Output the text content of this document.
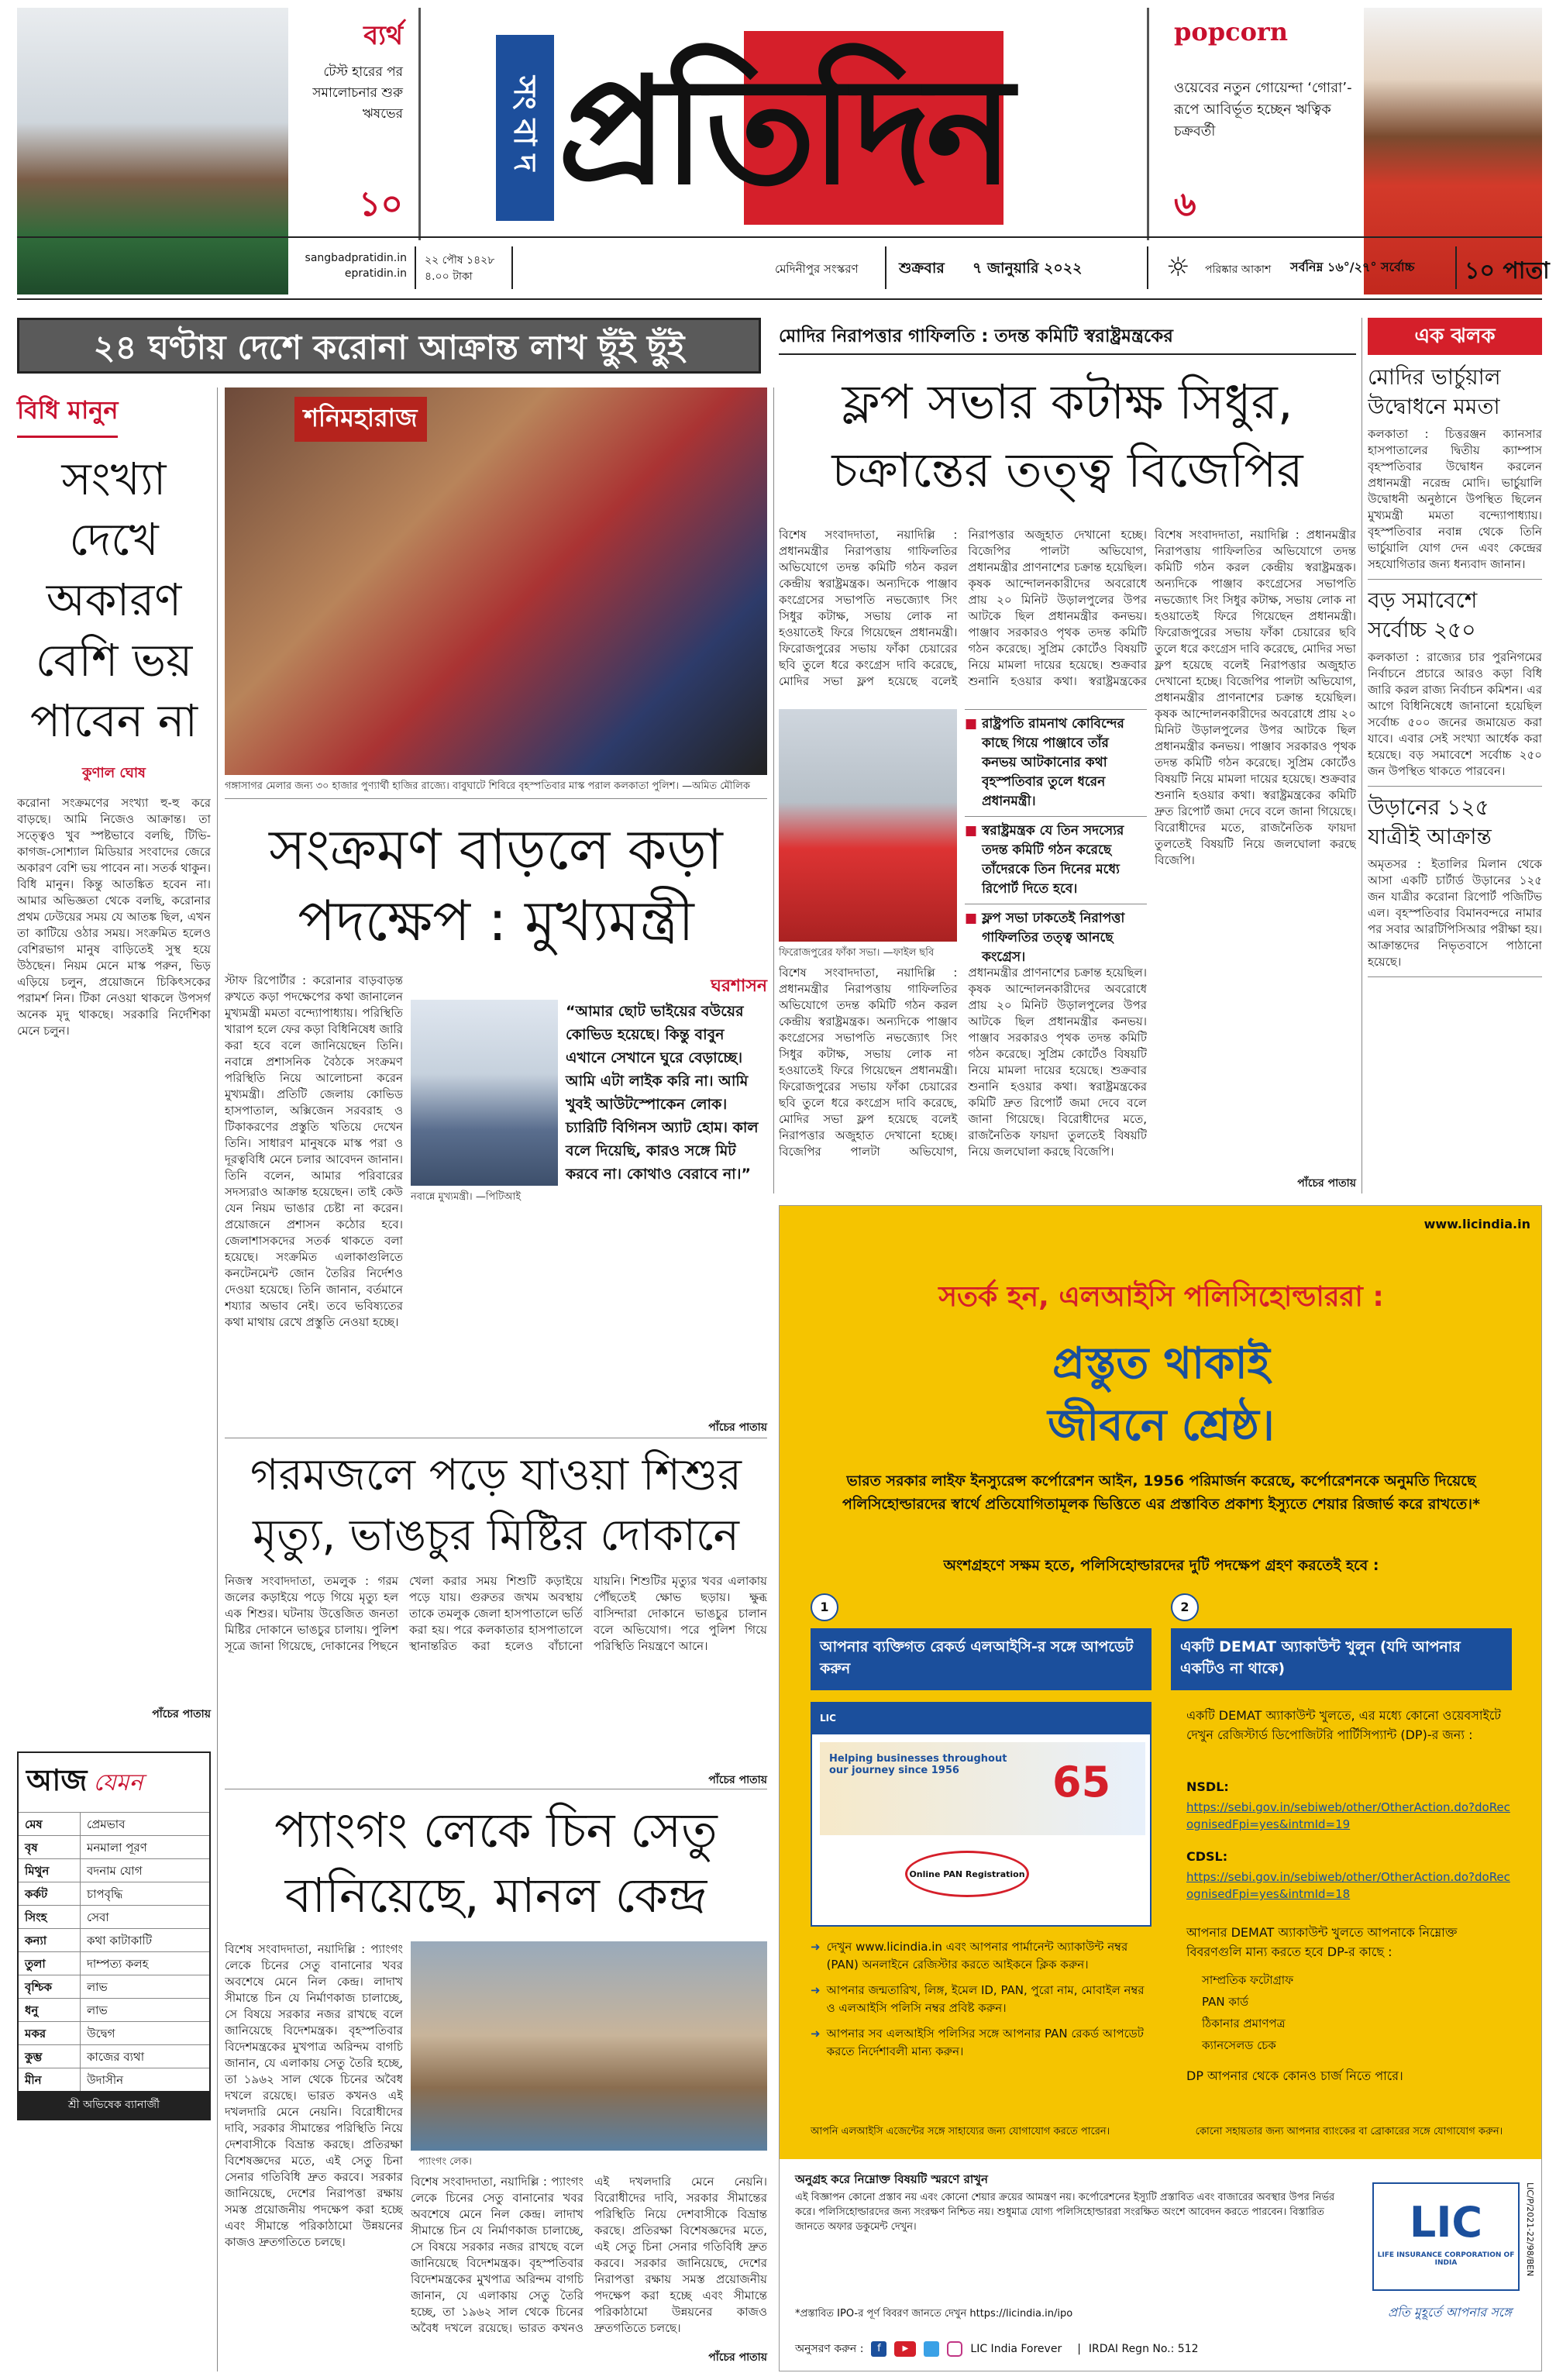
ব্যর্থ
টেস্ট হারের পর সমালোচনার শুরু ঋষভের
১০
সংবাদ প্রতিদিন
popcorn
ওয়েবের নতুন গোয়েন্দা ‘গোরা’-রূপে আবির্ভূত হচ্ছেন ঋত্বিক চক্রবর্তী
৬
sangbadpratidin.in
epratidin.in
২২ পৌষ ১৪২৮
৪.০০ টাকা
মেদিনীপুর সংস্করণ	শুক্রবার	৭ জানুয়ারি ২০২২	☼	পরিষ্কার আকাশ	সর্বনিম্ন ১৬°/২৭° সর্বোচ্চ	১০ পাতা
২৪ ঘণ্টায় দেশে করোনা আক্রান্ত লাখ ছুঁই ছুঁই
বিধি মানুন
সংখ্যা দেখে অকারণ বেশি ভয় পাবেন না
কুণাল ঘোষ
করোনা সংক্রমণের সংখ্যা হু-হু করে বাড়ছে। আমি নিজেও আক্রান্ত। তা সত্ত্বেও খুব স্পষ্টভাবে বলছি, টিভি-কাগজ-সোশ্যাল মিডিয়ার সংবাদের জেরে অকারণ বেশি ভয় পাবেন না। সতর্ক থাকুন। বিধি মানুন। কিন্তু আতঙ্কিত হবেন না। আমার অভিজ্ঞতা থেকে বলছি, করোনার প্রথম ঢেউয়ের সময় যে আতঙ্ক ছিল, এখন তা কাটিয়ে ওঠার সময়। সংক্রমিত হলেও বেশিরভাগ মানুষ বাড়িতেই সুস্থ হয়ে উঠছেন। নিয়ম মেনে মাস্ক পরুন, ভিড় এড়িয়ে চলুন, প্রয়োজনে চিকিৎসকের পরামর্শ নিন। টিকা নেওয়া থাকলে উপসর্গ অনেক মৃদু থাকছে। সরকারি নির্দেশিকা মেনে চলুন।
পাঁচের পাতায়
আজ যেমন
মেষ	প্রেমভাব
বৃষ	মনমালা পূরণ
মিথুন	বদনাম যোগ
কর্কট	চাপবৃদ্ধি
সিংহ	সেবা
কন্যা	কথা কাটাকাটি
তুলা	দাম্পত্য কলহ
বৃশ্চিক	লাভ
ধনু	লাভ
মকর	উদ্বেগ
কুম্ভ	কাজের ব্যথা
মীন	উদাসীন
শ্রী অভিষেক ব্যানার্জী
শনিমহারাজ
গঙ্গাসাগর মেলার জন্য ৩০ হাজার পুণ্যার্থী হাজির রাজ্যে। বাবুঘাটে শিবিরে বৃহস্পতিবার মাস্ক পরাল কলকাতা পুলিশ। —অমিত মৌলিক
সংক্রমণ বাড়লে কড়া পদক্ষেপ : মুখ্যমন্ত্রী
ঘরশাসন
স্টাফ রিপোর্টার : করোনার বাড়বাড়ন্ত রুখতে কড়া পদক্ষেপের কথা জানালেন মুখ্যমন্ত্রী মমতা বন্দ্যোপাধ্যায়। পরিস্থিতি খারাপ হলে ফের কড়া বিধিনিষেধ জারি করা হবে বলে জানিয়েছেন তিনি। নবান্নে প্রশাসনিক বৈঠকে সংক্রমণ পরিস্থিতি নিয়ে আলোচনা করেন মুখ্যমন্ত্রী। প্রতিটি জেলায় কোভিড হাসপাতাল, অক্সিজেন সরবরাহ ও টিকাকরণের প্রস্তুতি খতিয়ে দেখেন তিনি। সাধারণ মানুষকে মাস্ক পরা ও দূরত্ববিধি মেনে চলার আবেদন জানান। তিনি বলেন, আমার পরিবারের সদস্যরাও আক্রান্ত হয়েছেন। তাই কেউ যেন নিয়ম ভাঙার চেষ্টা না করেন। প্রয়োজনে প্রশাসন কঠোর হবে। জেলাশাসকদের সতর্ক থাকতে বলা হয়েছে। সংক্রমিত এলাকাগুলিতে কনটেনমেন্ট জোন তৈরির নির্দেশও দেওয়া হয়েছে। তিনি জানান, বর্তমানে শয্যার অভাব নেই। তবে ভবিষ্যতের কথা মাথায় রেখে প্রস্তুতি নেওয়া হচ্ছে।
নবান্নে মুখ্যমন্ত্রী। —পিটিআই
“আমার ছোট ভাইয়ের বউয়ের কোভিড হয়েছে। কিন্তু বাবুন এখানে সেখানে ঘুরে বেড়াচ্ছে। আমি এটা লাইক করি না। আমি খুবই আউটস্পোকেন লোক। চ্যারিটি বিগিনস অ্যাট হোম। কাল বলে দিয়েছি, কারও সঙ্গে মিট করবে না। কোথাও বেরাবে না।”
পাঁচের পাতায়
গরমজলে পড়ে যাওয়া শিশুর মৃত্যু, ভাঙচুর মিষ্টির দোকানে
নিজস্ব সংবাদদাতা, তমলুক : গরম জলের কড়াইয়ে পড়ে গিয়ে মৃত্যু হল এক শিশুর। ঘটনায় উত্তেজিত জনতা মিষ্টির দোকানে ভাঙচুর চালায়। পুলিশ সূত্রে জানা গিয়েছে, দোকানের পিছনে খেলা করার সময় শিশুটি কড়াইয়ে পড়ে যায়। গুরুতর জখম অবস্থায় তাকে তমলুক জেলা হাসপাতালে ভর্তি করা হয়। পরে কলকাতার হাসপাতালে স্থানান্তরিত করা হলেও বাঁচানো যায়নি। শিশুটির মৃত্যুর খবর এলাকায় পৌঁছতেই ক্ষোভ ছড়ায়। ক্ষুব্ধ বাসিন্দারা দোকানে ভাঙচুর চালান বলে অভিযোগ। পরে পুলিশ গিয়ে পরিস্থিতি নিয়ন্ত্রণে আনে।
পাঁচের পাতায়
প্যাংগং লেকে চিন সেতু বানিয়েছে, মানল কেন্দ্র
বিশেষ সংবাদদাতা, নয়াদিল্লি : প্যাংগং লেকে চিনের সেতু বানানোর খবর অবশেষে মেনে নিল কেন্দ্র। লাদাখ সীমান্তে চিন যে নির্মাণকাজ চালাচ্ছে, সে বিষয়ে সরকার নজর রাখছে বলে জানিয়েছে বিদেশমন্ত্রক। বৃহস্পতিবার বিদেশমন্ত্রকের মুখপাত্র অরিন্দম বাগচি জানান, যে এলাকায় সেতু তৈরি হচ্ছে, তা ১৯৬২ সাল থেকে চিনের অবৈধ দখলে রয়েছে। ভারত কখনও এই দখলদারি মেনে নেয়নি। বিরোধীদের দাবি, সরকার সীমান্তের পরিস্থিতি নিয়ে দেশবাসীকে বিভ্রান্ত করছে। প্রতিরক্ষা বিশেষজ্ঞদের মতে, এই সেতু চিনা সেনার গতিবিধি দ্রুত করবে। সরকার জানিয়েছে, দেশের নিরাপত্তা রক্ষায় সমস্ত প্রয়োজনীয় পদক্ষেপ করা হচ্ছে এবং সীমান্তে পরিকাঠামো উন্নয়নের কাজও দ্রুতগতিতে চলছে।
প্যাংগং লেক।
বিশেষ সংবাদদাতা, নয়াদিল্লি : প্যাংগং লেকে চিনের সেতু বানানোর খবর অবশেষে মেনে নিল কেন্দ্র। লাদাখ সীমান্তে চিন যে নির্মাণকাজ চালাচ্ছে, সে বিষয়ে সরকার নজর রাখছে বলে জানিয়েছে বিদেশমন্ত্রক। বৃহস্পতিবার বিদেশমন্ত্রকের মুখপাত্র অরিন্দম বাগচি জানান, যে এলাকায় সেতু তৈরি হচ্ছে, তা ১৯৬২ সাল থেকে চিনের অবৈধ দখলে রয়েছে। ভারত কখনও এই দখলদারি মেনে নেয়নি। বিরোধীদের দাবি, সরকার সীমান্তের পরিস্থিতি নিয়ে দেশবাসীকে বিভ্রান্ত করছে। প্রতিরক্ষা বিশেষজ্ঞদের মতে, এই সেতু চিনা সেনার গতিবিধি দ্রুত করবে। সরকার জানিয়েছে, দেশের নিরাপত্তা রক্ষায় সমস্ত প্রয়োজনীয় পদক্ষেপ করা হচ্ছে এবং সীমান্তে পরিকাঠামো উন্নয়নের কাজও দ্রুতগতিতে চলছে।
পাঁচের পাতায়
মোদির নিরাপত্তার গাফিলতি : তদন্ত কমিটি স্বরাষ্ট্রমন্ত্রকের
ফ্লপ সভার কটাক্ষ সিধুর, চক্রান্তের তত্ত্ব বিজেপির
বিশেষ সংবাদদাতা, নয়াদিল্লি : প্রধানমন্ত্রীর নিরাপত্তায় গাফিলতির অভিযোগে তদন্ত কমিটি গঠন করল কেন্দ্রীয় স্বরাষ্ট্রমন্ত্রক। অন্যদিকে পাঞ্জাব কংগ্রেসের সভাপতি নভজ্যোৎ সিং সিধুর কটাক্ষ, সভায় লোক না হওয়াতেই ফিরে গিয়েছেন প্রধানমন্ত্রী। ফিরোজপুরের সভায় ফাঁকা চেয়ারের ছবি তুলে ধরে কংগ্রেস দাবি করেছে, মোদির সভা ফ্লপ হয়েছে বলেই নিরাপত্তার অজুহাত দেখানো হচ্ছে। বিজেপির পালটা অভিযোগ, প্রধানমন্ত্রীর প্রাণনাশের চক্রান্ত হয়েছিল। কৃষক আন্দোলনকারীদের অবরোধে প্রায় ২০ মিনিট উড়ালপুলের উপর আটকে ছিল প্রধানমন্ত্রীর কনভয়। পাঞ্জাব সরকারও পৃথক তদন্ত কমিটি গঠন করেছে। সুপ্রিম কোর্টেও বিষয়টি নিয়ে মামলা দায়ের হয়েছে। শুক্রবার শুনানি হওয়ার কথা। স্বরাষ্ট্রমন্ত্রকের
ফিরোজপুরের ফাঁকা সভা। —ফাইল ছবি
■ রাষ্ট্রপতি রামনাথ কোবিন্দের কাছে গিয়ে পাঞ্জাবে তাঁর কনভয় আটকানোর কথা বৃহস্পতিবার তুলে ধরেন প্রধানমন্ত্রী।
■ স্বরাষ্ট্রমন্ত্রক যে তিন সদস্যের তদন্ত কমিটি গঠন করেছে তাঁদেরকে তিন দিনের মধ্যে রিপোর্ট দিতে হবে।
■ ফ্লপ সভা ঢাকতেই নিরাপত্তা গাফিলতির তত্ত্ব আনছে কংগ্রেস।
বিশেষ সংবাদদাতা, নয়াদিল্লি : প্রধানমন্ত্রীর নিরাপত্তায় গাফিলতির অভিযোগে তদন্ত কমিটি গঠন করল কেন্দ্রীয় স্বরাষ্ট্রমন্ত্রক। অন্যদিকে পাঞ্জাব কংগ্রেসের সভাপতি নভজ্যোৎ সিং সিধুর কটাক্ষ, সভায় লোক না হওয়াতেই ফিরে গিয়েছেন প্রধানমন্ত্রী। ফিরোজপুরের সভায় ফাঁকা চেয়ারের ছবি তুলে ধরে কংগ্রেস দাবি করেছে, মোদির সভা ফ্লপ হয়েছে বলেই নিরাপত্তার অজুহাত দেখানো হচ্ছে। বিজেপির পালটা অভিযোগ, প্রধানমন্ত্রীর প্রাণনাশের চক্রান্ত হয়েছিল। কৃষক আন্দোলনকারীদের অবরোধে প্রায় ২০ মিনিট উড়ালপুলের উপর আটকে ছিল প্রধানমন্ত্রীর কনভয়। পাঞ্জাব সরকারও পৃথক তদন্ত কমিটি গঠন করেছে। সুপ্রিম কোর্টেও বিষয়টি নিয়ে মামলা দায়ের হয়েছে। শুক্রবার শুনানি হওয়ার কথা। স্বরাষ্ট্রমন্ত্রকের কমিটি দ্রুত রিপোর্ট জমা দেবে বলে জানা গিয়েছে। বিরোধীদের মতে, রাজনৈতিক ফায়দা তুলতেই বিষয়টি নিয়ে জলঘোলা করছে বিজেপি।
বিশেষ সংবাদদাতা, নয়াদিল্লি : প্রধানমন্ত্রীর নিরাপত্তায় গাফিলতির অভিযোগে তদন্ত কমিটি গঠন করল কেন্দ্রীয় স্বরাষ্ট্রমন্ত্রক। অন্যদিকে পাঞ্জাব কংগ্রেসের সভাপতি নভজ্যোৎ সিং সিধুর কটাক্ষ, সভায় লোক না হওয়াতেই ফিরে গিয়েছেন প্রধানমন্ত্রী। ফিরোজপুরের সভায় ফাঁকা চেয়ারের ছবি তুলে ধরে কংগ্রেস দাবি করেছে, মোদির সভা ফ্লপ হয়েছে বলেই নিরাপত্তার অজুহাত দেখানো হচ্ছে। বিজেপির পালটা অভিযোগ, প্রধানমন্ত্রীর প্রাণনাশের চক্রান্ত হয়েছিল। কৃষক আন্দোলনকারীদের অবরোধে প্রায় ২০ মিনিট উড়ালপুলের উপর আটকে ছিল প্রধানমন্ত্রীর কনভয়। পাঞ্জাব সরকারও পৃথক তদন্ত কমিটি গঠন করেছে। সুপ্রিম কোর্টেও বিষয়টি নিয়ে মামলা দায়ের হয়েছে। শুক্রবার শুনানি হওয়ার কথা। স্বরাষ্ট্রমন্ত্রকের কমিটি দ্রুত রিপোর্ট জমা দেবে বলে জানা গিয়েছে। বিরোধীদের মতে, রাজনৈতিক ফায়দা তুলতেই বিষয়টি নিয়ে জলঘোলা করছে বিজেপি।
পাঁচের পাতায়
এক ঝলক
মোদির ভার্চুয়াল উদ্বোধনে মমতা
কলকাতা : চিত্তরঞ্জন ক্যানসার হাসপাতালের দ্বিতীয় ক্যাম্পাস বৃহস্পতিবার উদ্বোধন করলেন প্রধানমন্ত্রী নরেন্দ্র মোদি। ভার্চুয়ালি উদ্বোধনী অনুষ্ঠানে উপস্থিত ছিলেন মুখ্যমন্ত্রী মমতা বন্দ্যোপাধ্যায়। বৃহস্পতিবার নবান্ন থেকে তিনি ভার্চুয়ালি যোগ দেন এবং কেন্দ্রের সহযোগিতার জন্য ধন্যবাদ জানান।
বড় সমাবেশে সর্বোচ্চ ২৫০
কলকাতা : রাজ্যের চার পুরনিগমের নির্বাচনে প্রচারে আরও কড়া বিধি জারি করল রাজ্য নির্বাচন কমিশন। এর আগে বিধিনিষেধে জানানো হয়েছিল সর্বোচ্চ ৫০০ জনের জমায়েত করা যাবে। এবার সেই সংখ্যা আর্ধেক করা হয়েছে। বড় সমাবেশে সর্বোচ্চ ২৫০ জন উপস্থিত থাকতে পারবেন।
উড়ানের ১২৫ যাত্রীই আক্রান্ত
অমৃতসর : ইতালির মিলান থেকে আসা একটি চার্টার্ড উড়ানের ১২৫ জন যাত্রীর করোনা রিপোর্ট পজিটিভ এল। বৃহস্পতিবার বিমানবন্দরে নামার পর সবার আরটিপিসিআর পরীক্ষা হয়। আক্রান্তদের নিভৃতবাসে পাঠানো হয়েছে।
www.licindia.in
সতর্ক হন, এলআইসি পলিসিহোল্ডাররা :
প্রস্তুত থাকাই
জীবনে শ্রেষ্ঠ।
ভারত সরকার লাইফ ইনস্যুরেন্স কর্পোরেশন আইন, 1956 পরিমার্জন করেছে, কর্পোরেশনকে অনুমতি দিয়েছে পলিসিহোল্ডারদের স্বার্থে প্রতিযোগিতামূলক ভিত্তিতে এর প্রস্তাবিত প্রকাশ্য ইস্যুতে শেয়ার রিজার্ভ করে রাখতে।*
অংশগ্রহণে সক্ষম হতে, পলিসিহোল্ডারদের দুটি পদক্ষেপ গ্রহণ করতেই হবে :
1
আপনার ব্যক্তিগত রেকর্ড এলআইসি-র সঙ্গে আপডেট করুন
LIC
Helping businesses throughout our journey since 1956	65
Online PAN Registration
➜ দেখুন www.licindia.in এবং আপনার পার্মানেন্ট অ্যাকাউন্ট নম্বর (PAN) অনলাইনে রেজিস্টার করতে আইকনে ক্লিক করুন।
➜ আপনার জন্মতারিখ, লিঙ্গ, ইমেল ID, PAN, পুরো নাম, মোবাইল নম্বর ও এলআইসি পলিসি নম্বর প্রবিষ্ট করুন।
➜ আপনার সব এলআইসি পলিসির সঙ্গে আপনার PAN রেকর্ড আপডেট করতে নির্দেশাবলী মান্য করুন।
আপনি এলআইসি এজেন্টের সঙ্গে সাহায্যের জন্য যোগাযোগ করতে পারেন।
2
একটি DEMAT অ্যাকাউন্ট খুলুন (যদি আপনার একটিও না থাকে)
একটি DEMAT অ্যাকাউন্ট খুলতে, এর মধ্যে কোনো ওয়েবসাইটে দেখুন রেজিস্টার্ড ডিপোজিটরি পার্টিসিপ্যান্ট (DP)-র জন্য :
NSDL:
https://sebi.gov.in/sebiweb/other/OtherAction.do?doRecognisedFpi=yes&intmId=19
CDSL:
https://sebi.gov.in/sebiweb/other/OtherAction.do?doRecognisedFpi=yes&intmId=18
আপনার DEMAT অ্যাকাউন্ট খুলতে আপনাকে নিম্নোক্ত বিবরণগুলি মান্য করতে হবে DP-র কাছে :
সাম্প্রতিক ফটোগ্রাফ
PAN কার্ড
ঠিকানার প্রমাণপত্র
ক্যানসেলড চেক
DP আপনার থেকে কোনও চার্জ নিতে পারে।
কোনো সহায়তার জন্য আপনার ব্যাংকের বা ব্রোকারের সঙ্গে যোগাযোগ করুন।
অনুগ্রহ করে নিম্নোক্ত বিষয়টি স্মরণে রাখুন
এই বিজ্ঞাপন কোনো প্রস্তাব নয় এবং কোনো শেয়ার ক্রয়ের আমন্ত্রণ নয়। কর্পোরেশনের ইস্যুটি প্রস্তাবিত এবং বাজারের অবস্থার উপর নির্ভর করে। পলিসিহোল্ডারদের জন্য সংরক্ষণ নিশ্চিত নয়। শুধুমাত্র যোগ্য পলিসিহোল্ডাররা সংরক্ষিত অংশে আবেদন করতে পারবেন। বিস্তারিত জানতে অফার ডকুমেন্ট দেখুন।
*প্রস্তাবিত IPO-র পূর্ণ বিবরণ জানতে দেখুন https://licindia.in/ipo
LIC
LIFE INSURANCE CORPORATION OF INDIA
প্রতি মুহূর্তে আপনার সঙ্গে
LIC/P/2021-22/98/BEN
অনুসরণ করুন :	f	▶	LIC India Forever | IRDAI Regn No.: 512
